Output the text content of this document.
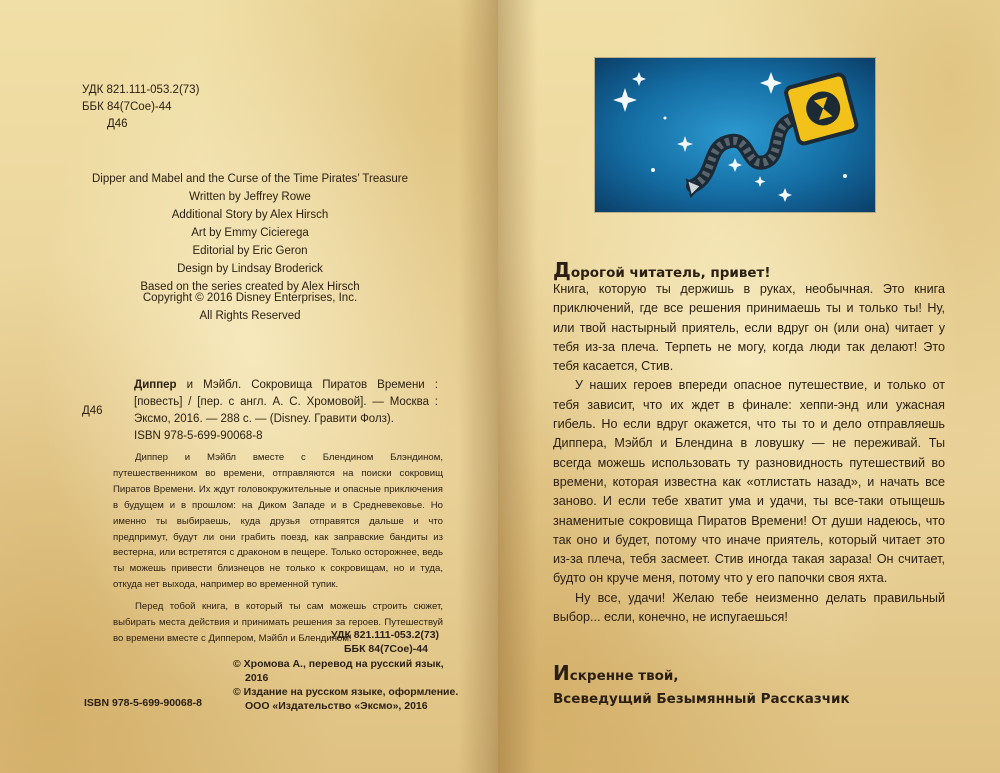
УДК 821.111-053.2(73)
ББК 84(7Сое)-44
Д46
Dipper and Mabel and the Curse of the Time Pirates’ Treasure
Written by Jeffrey Rowe
Additional Story by Alex Hirsch
Art by Emmy Cicierega
Editorial by Eric Geron
Design by Lindsay Broderick
Based on the series created by Alex Hirsch
Copyright © 2016 Disney Enterprises, Inc.
All Rights Reserved
Д46
Диппер и Мэйбл. Сокровища Пиратов Времени : [повесть] / [пер. с англ. А. С. Хромовой]. — Москва : Эксмо, 2016. — 288 с. — (Disney. Гравити Фолз).
ISBN 978-5-699-90068-8

Диппер и Мэйбл вместе с Блендином Блэндином, путешественником во времени, отправляются на поиски сокровищ Пиратов Времени. Их ждут головокружительные и опасные приключения в будущем и в прошлом: на Диком Западе и в Средневековье. Но именно ты выбираешь, куда друзья отправятся дальше и что предпримут, будут ли они грабить поезд, как заправские бандиты из вестерна, или встретятся с драконом в пещере. Только осторожнее, ведь ты можешь привести близнецов не только к сокровищам, но и туда, откуда нет выхода, например во временной тупик.

Перед тобой книга, в который ты сам можешь строить сюжет, выбирать места действия и принимать решения за героев. Путешествуй во времени вместе с Диппером, Мэйбл и Блендином!

УДК 821.111-053.2(73)
ББК 84(7Сое)-44
© Хромова А., перевод на русский язык, 2016
© Издание на русском языке, оформление. ООО «Издательство «Эксмо», 2016
ISBN 978-5-699-90068-8
Дорогой читатель, привет!

Книга, которую ты держишь в руках, необычная. Это книга приключений, где все решения принимаешь ты и только ты! Ну, или твой настырный приятель, если вдруг он (или она) читает у тебя из-за плеча. Терпеть не могу, когда люди так делают! Это тебя касается, Стив.

У наших героев впереди опасное путешествие, и только от тебя зависит, что их ждет в финале: хеппи-энд или ужасная гибель. Но если вдруг окажется, что ты то и дело отправляешь Диппера, Мэйбл и Блендина в ловушку — не переживай. Ты всегда можешь использовать ту разновидность путешествий во времени, которая известна как «отлистать назад», и начать все заново. И если тебе хватит ума и удачи, ты все-таки отыщешь знаменитые сокровища Пиратов Времени! От души надеюсь, что так оно и будет, потому что иначе приятель, который читает это из-за плеча, тебя засмеет. Стив иногда такая зараза! Он считает, будто он круче меня, потому что у его папочки своя яхта.

Ну все, удачи! Желаю тебе неизменно делать правильный выбор... если, конечно, не испугаешься!

Искренне твой,
Всеведущий Безымянный Рассказчик
